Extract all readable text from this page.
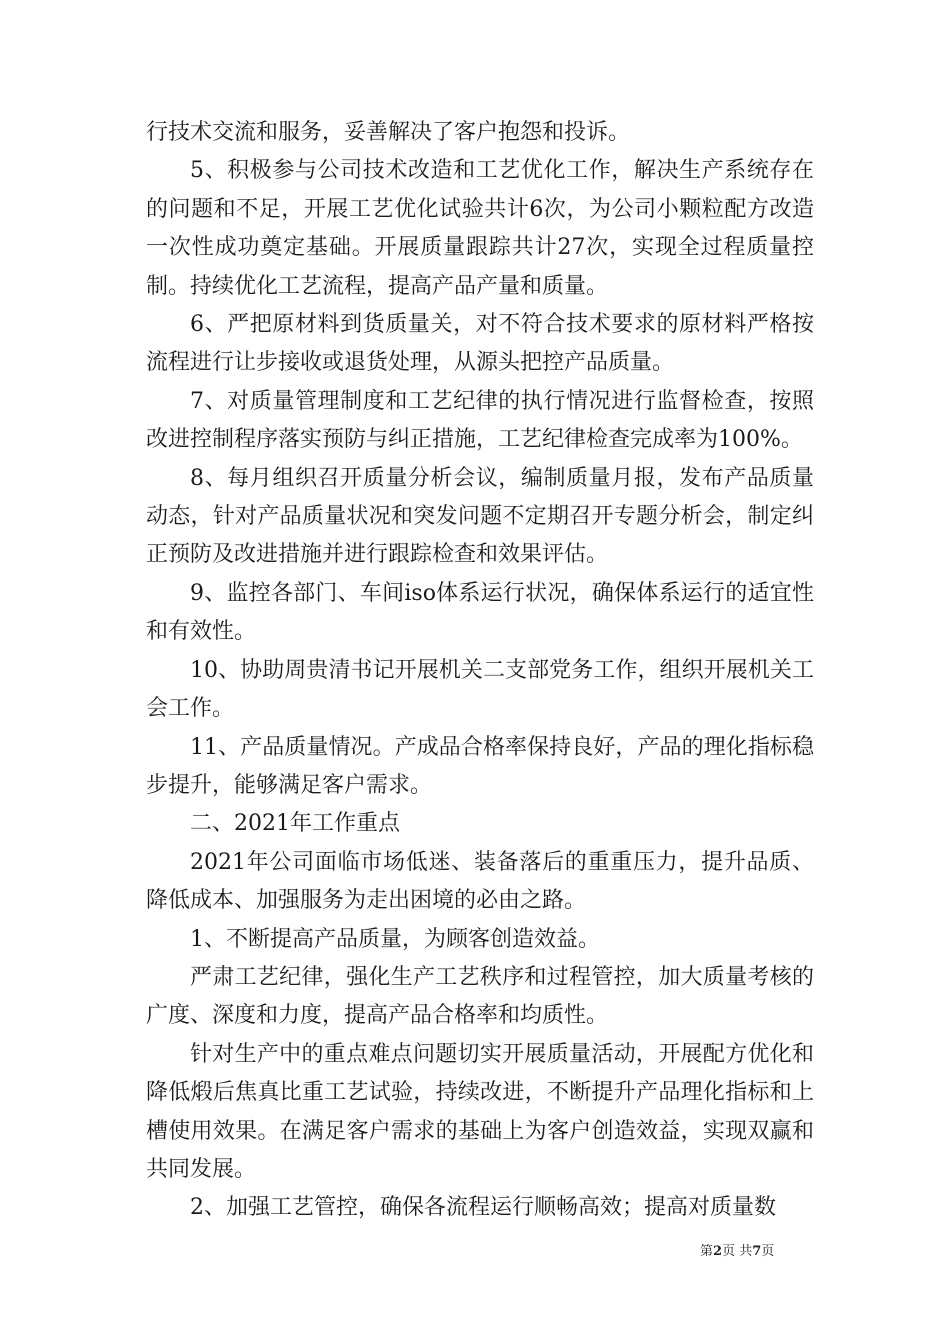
行技术交流和服务，妥善解决了客户抱怨和投诉。

5、积极参与公司技术改造和工艺优化工作，解决生产系统存在的问题和不足，开展工艺优化试验共计6次，为公司小颗粒配方改造一次性成功奠定基础。开展质量跟踪共计27次，实现全过程质量控制。持续优化工艺流程，提高产品产量和质量。

6、严把原材料到货质量关，对不符合技术要求的原材料严格按流程进行让步接收或退货处理，从源头把控产品质量。

7、对质量管理制度和工艺纪律的执行情况进行监督检查，按照改进控制程序落实预防与纠正措施，工艺纪律检查完成率为100%。

8、每月组织召开质量分析会议，编制质量月报，发布产品质量动态，针对产品质量状况和突发问题不定期召开专题分析会，制定纠正预防及改进措施并进行跟踪检查和效果评估。

9、监控各部门、车间iso体系运行状况，确保体系运行的适宜性和有效性。

10、协助周贵清书记开展机关二支部党务工作，组织开展机关工会工作。

11、产品质量情况。产成品合格率保持良好，产品的理化指标稳步提升，能够满足客户需求。

二、2021年工作重点

2021年公司面临市场低迷、装备落后的重重压力，提升品质、降低成本、加强服务为走出困境的必由之路。

1、不断提高产品质量，为顾客创造效益。

严肃工艺纪律，强化生产工艺秩序和过程管控，加大质量考核的广度、深度和力度，提高产品合格率和均质性。

针对生产中的重点难点问题切实开展质量活动，开展配方优化和降低煅后焦真比重工艺试验，持续改进，不断提升产品理化指标和上槽使用效果。在满足客户需求的基础上为客户创造效益，实现双赢和共同发展。

2、加强工艺管控，确保各流程运行顺畅高效；提高对质量数

第2页 共7页
